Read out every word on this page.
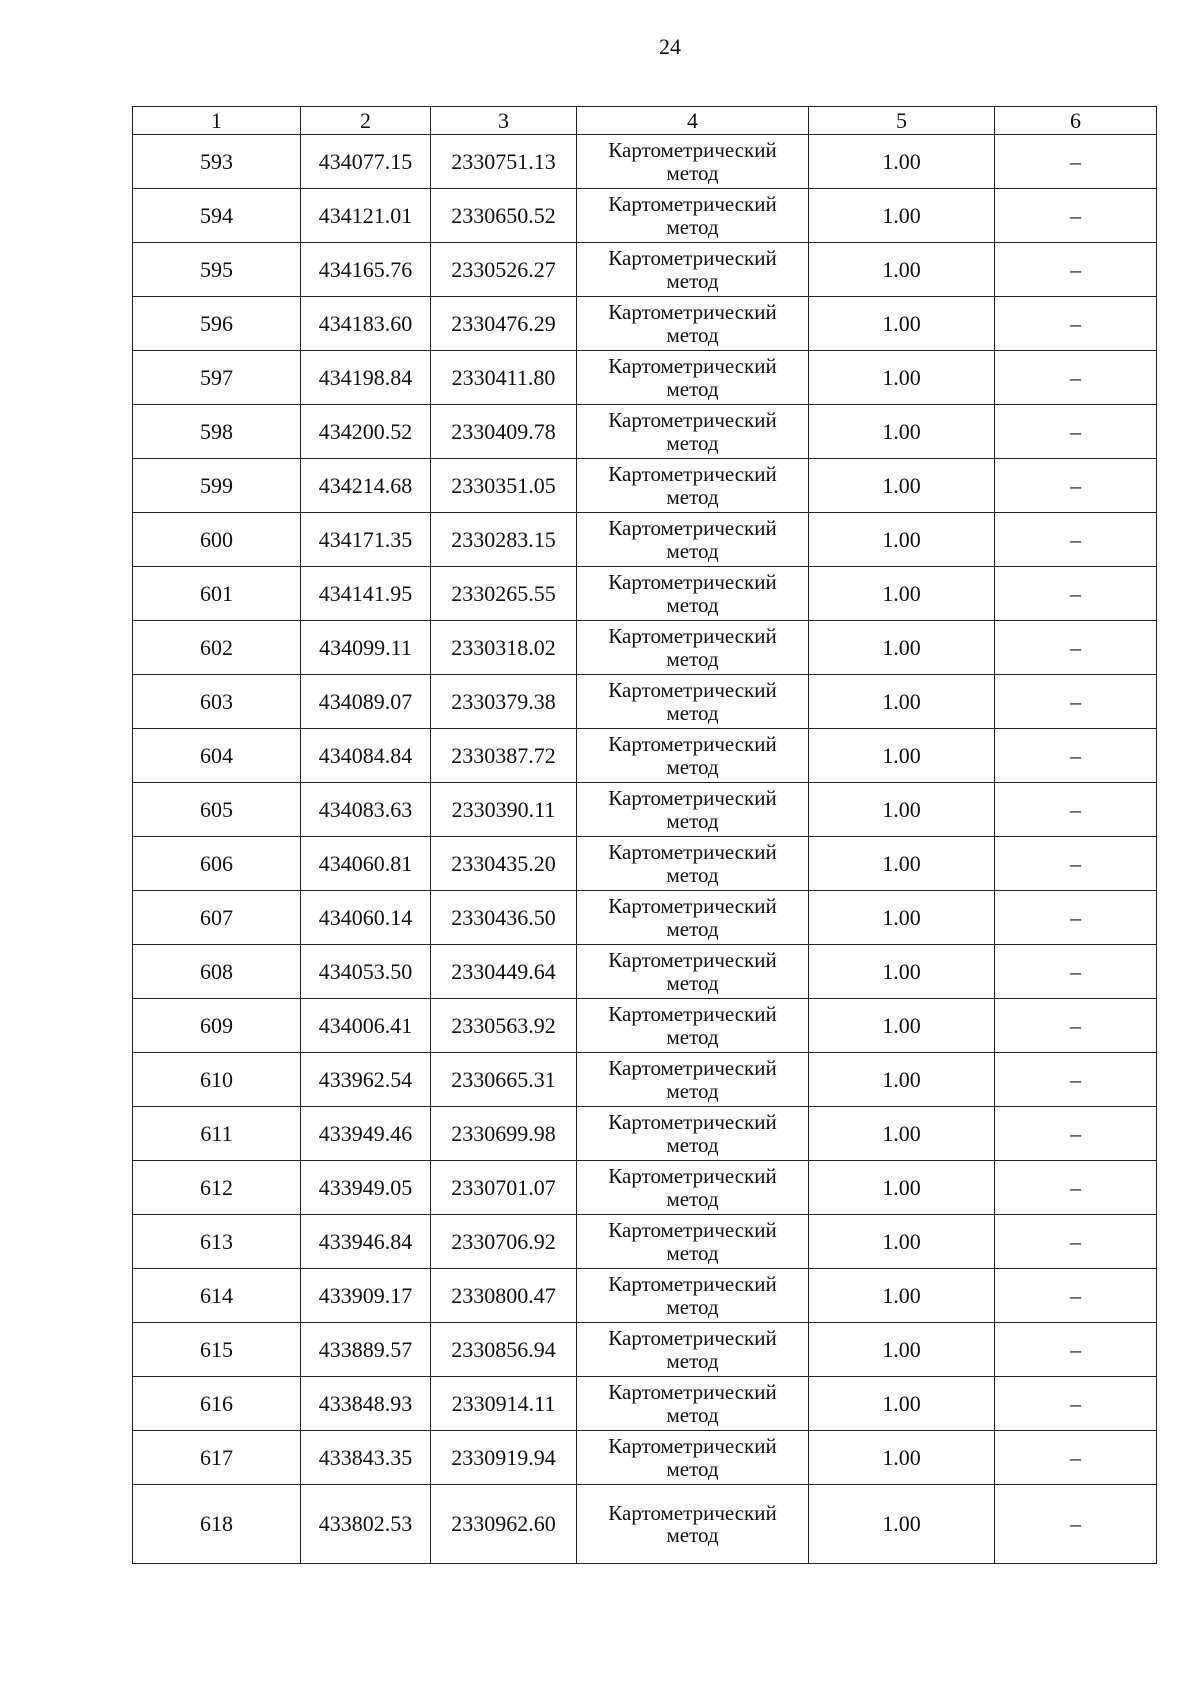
24
1	2	3	4	5	6
593	434077.15	2330751.13	Картометрический
метод	1.00	–
594	434121.01	2330650.52	Картометрический
метод	1.00	–
595	434165.76	2330526.27	Картометрический
метод	1.00	–
596	434183.60	2330476.29	Картометрический
метод	1.00	–
597	434198.84	2330411.80	Картометрический
метод	1.00	–
598	434200.52	2330409.78	Картометрический
метод	1.00	–
599	434214.68	2330351.05	Картометрический
метод	1.00	–
600	434171.35	2330283.15	Картометрический
метод	1.00	–
601	434141.95	2330265.55	Картометрический
метод	1.00	–
602	434099.11	2330318.02	Картометрический
метод	1.00	–
603	434089.07	2330379.38	Картометрический
метод	1.00	–
604	434084.84	2330387.72	Картометрический
метод	1.00	–
605	434083.63	2330390.11	Картометрический
метод	1.00	–
606	434060.81	2330435.20	Картометрический
метод	1.00	–
607	434060.14	2330436.50	Картометрический
метод	1.00	–
608	434053.50	2330449.64	Картометрический
метод	1.00	–
609	434006.41	2330563.92	Картометрический
метод	1.00	–
610	433962.54	2330665.31	Картометрический
метод	1.00	–
611	433949.46	2330699.98	Картометрический
метод	1.00	–
612	433949.05	2330701.07	Картометрический
метод	1.00	–
613	433946.84	2330706.92	Картометрический
метод	1.00	–
614	433909.17	2330800.47	Картометрический
метод	1.00	–
615	433889.57	2330856.94	Картометрический
метод	1.00	–
616	433848.93	2330914.11	Картометрический
метод	1.00	–
617	433843.35	2330919.94	Картометрический
метод	1.00	–
618	433802.53	2330962.60	Картометрический
метод	1.00	–
